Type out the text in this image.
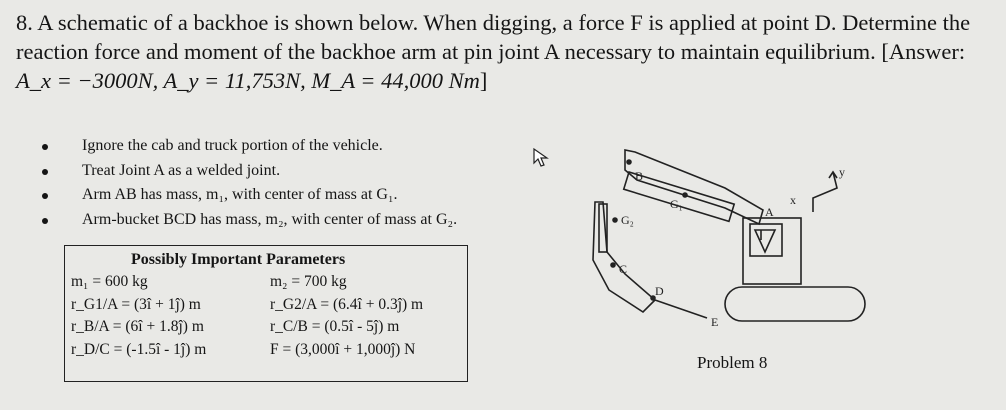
8. A schematic of a backhoe is shown below. When digging, a force F is applied at point D. Determine the reaction force and moment of the backhoe arm at pin joint A necessary to maintain equilibrium. [Answer: A_x = −3000N, A_y = 11,753N, M_A = 44,000 Nm]
Ignore the cab and truck portion of the vehicle.
Treat Joint A as a welded joint.
Arm AB has mass, m₁, with center of mass at G₁.
Arm-bucket BCD has mass, m₂, with center of mass at G₂.
Possibly Important Parameters
m₁ = 600 kg
r_G1/A = (3î + 1ĵ) m
r_B/A = (6î + 1.8ĵ) m
r_D/C = (-1.5î - 1ĵ) m
m₂ = 700 kg
r_G2/A = (6.4î + 0.3ĵ) m
r_C/B = (0.5î - 5ĵ) m
F = (3,000î + 1,000ĵ) N
B
G₁
G₂
A
C
D
E
x
y
Problem 8
